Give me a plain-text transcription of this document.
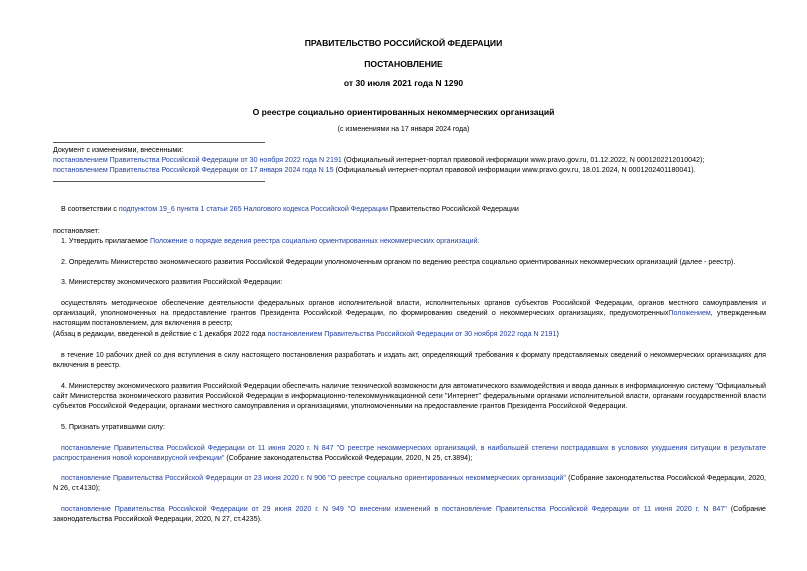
ПРАВИТЕЛЬСТВО РОССИЙСКОЙ ФЕДЕРАЦИИ
ПОСТАНОВЛЕНИЕ
от 30 июля 2021 года N 1290
О реестре социально ориентированных некоммерческих организаций
(с изменениями на 17 января 2024 года)
Документ с изменениями, внесенными:
постановлением Правительства Российской Федерации от 30 ноября 2022 года N 2191 (Официальный интернет-портал правовой информации www.pravo.gov.ru, 01.12.2022, N 0001202212010042);
постановлением Правительства Российской Федерации от 17 января 2024 года N 15 (Официальный интернет-портал правовой информации www.pravo.gov.ru, 18.01.2024, N 0001202401180041).
В соответствии с подпунктом 19_6 пункта 1 статьи 265 Налогового кодекса Российской Федерации Правительство Российской Федерации
постановляет:
1. Утвердить прилагаемое Положение о порядке ведения реестра социально ориентированных некоммерческих организаций.
2. Определить Министерство экономического развития Российской Федерации уполномоченным органом по ведению реестра социально ориентированных некоммерческих организаций (далее - реестр).
3. Министерству экономического развития Российской Федерации:
осуществлять методическое обеспечение деятельности федеральных органов исполнительной власти, исполнительных органов субъектов Российской Федерации, органов местного самоуправления и организаций, уполномоченных на предоставление грантов Президента Российской Федерации, по формированию сведений о некоммерческих организациях, предусмотренныхПоложением, утвержденным настоящим постановлением, для включения в реестр;
(Абзац в редакции, введенной в действие с 1 декабря 2022 года постановлением Правительства Российской Федерации от 30 ноября 2022 года N 2191)
в течение 10 рабочих дней со дня вступления в силу настоящего постановления разработать и издать акт, определяющий требования к формату представляемых сведений о некоммерческих организациях для включения в реестр.
4. Министерству экономического развития Российской Федерации обеспечить наличие технической возможности для автоматического взаимодействия и ввода данных в информационную систему "Официальный сайт Министерства экономического развития Российской Федерации в информационно-телекоммуникационной сети "Интернет" федеральными органами исполнительной власти, органами государственной власти субъектов Российской Федерации, органами местного самоуправления и организациями, уполномоченными на предоставление грантов Президента Российской Федерации.
5. Признать утратившими силу:
постановление Правительства Российской Федерации от 11 июня 2020 г. N 847 "О реестре некоммерческих организаций, в наибольшей степени пострадавших в условиях ухудшения ситуации в результате распространения новой коронавирусной инфекции" (Собрание законодательства Российской Федерации, 2020, N 25, ст.3894);
постановление Правительства Российской Федерации от 23 июня 2020 г. N 906 "О реестре социально ориентированных некоммерческих организаций" (Собрание законодательства Российской Федерации, 2020, N 26, ст.4130);
постановление Правительства Российской Федерации от 29 июня 2020 г. N 949 "О внесении изменений в постановление Правительства Российской Федерации от 11 июня 2020 г. N 847" (Собрание законодательства Российской Федерации, 2020, N 27, ст.4235).
